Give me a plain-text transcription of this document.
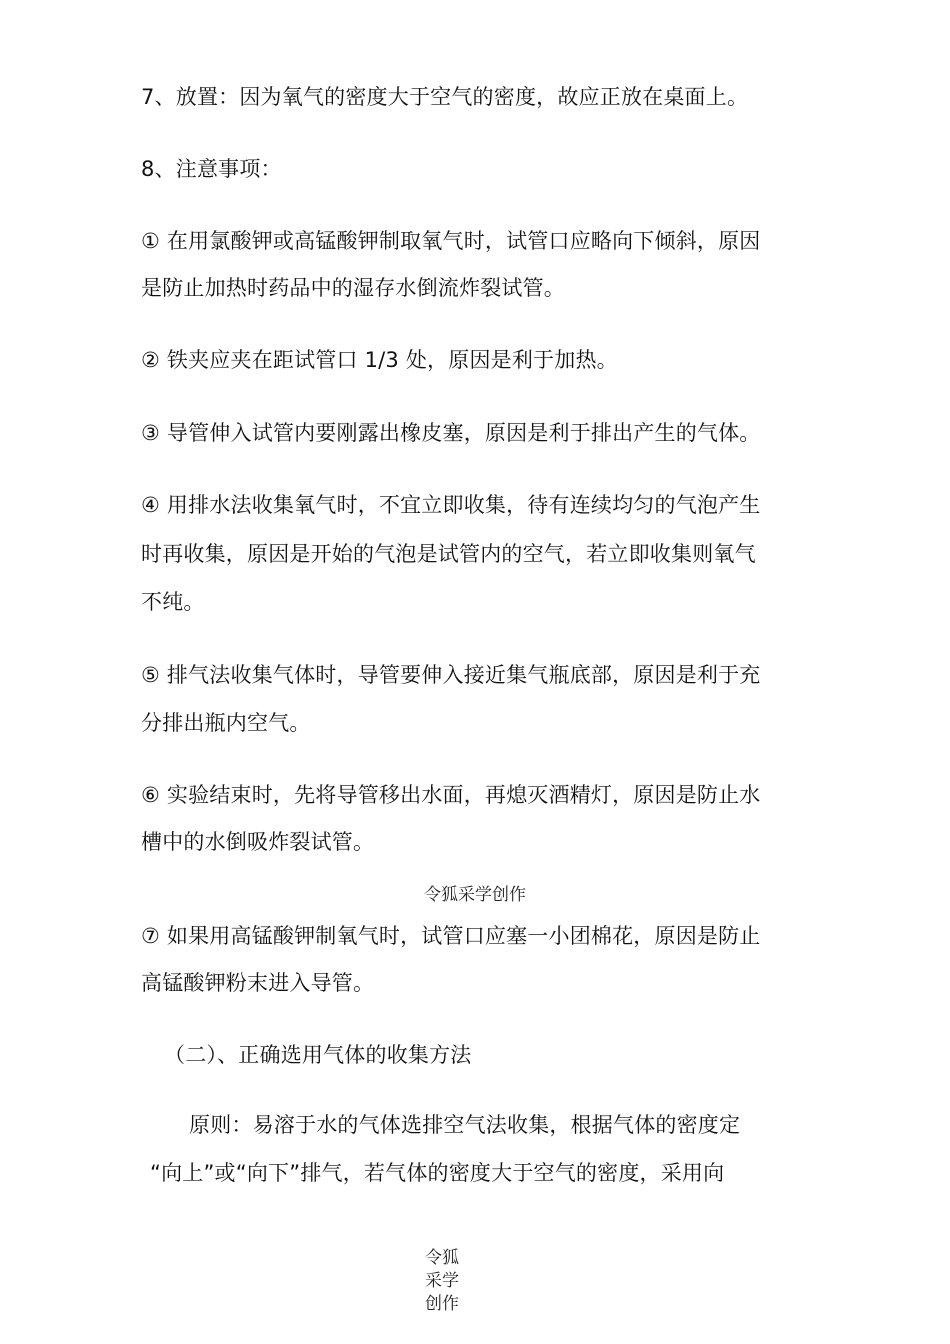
7、放置：因为氧气的密度大于空气的密度，故应正放在桌面上。
8、注意事项：
① 在用氯酸钾或高锰酸钾制取氧气时，试管口应略向下倾斜，原因
是防止加热时药品中的湿存水倒流炸裂试管。
② 铁夹应夹在距试管口 1/3 处，原因是利于加热。
③ 导管伸入试管内要刚露出橡皮塞，原因是利于排出产生的气体。
④ 用排水法收集氧气时，不宜立即收集，待有连续均匀的气泡产生
时再收集，原因是开始的气泡是试管内的空气，若立即收集则氧气
不纯。
⑤ 排气法收集气体时，导管要伸入接近集气瓶底部，原因是利于充
分排出瓶内空气。
⑥ 实验结束时，先将导管移出水面，再熄灭酒精灯，原因是防止水
槽中的水倒吸炸裂试管。
令狐采学创作
⑦ 如果用高锰酸钾制氧气时，试管口应塞一小团棉花，原因是防止
高锰酸钾粉末进入导管。
（二）、正确选用气体的收集方法
原则：易溶于水的气体选排空气法收集，根据气体的密度定
“向上”或“向下”排气，若气体的密度大于空气的密度，采用向
令狐
采学
创作
